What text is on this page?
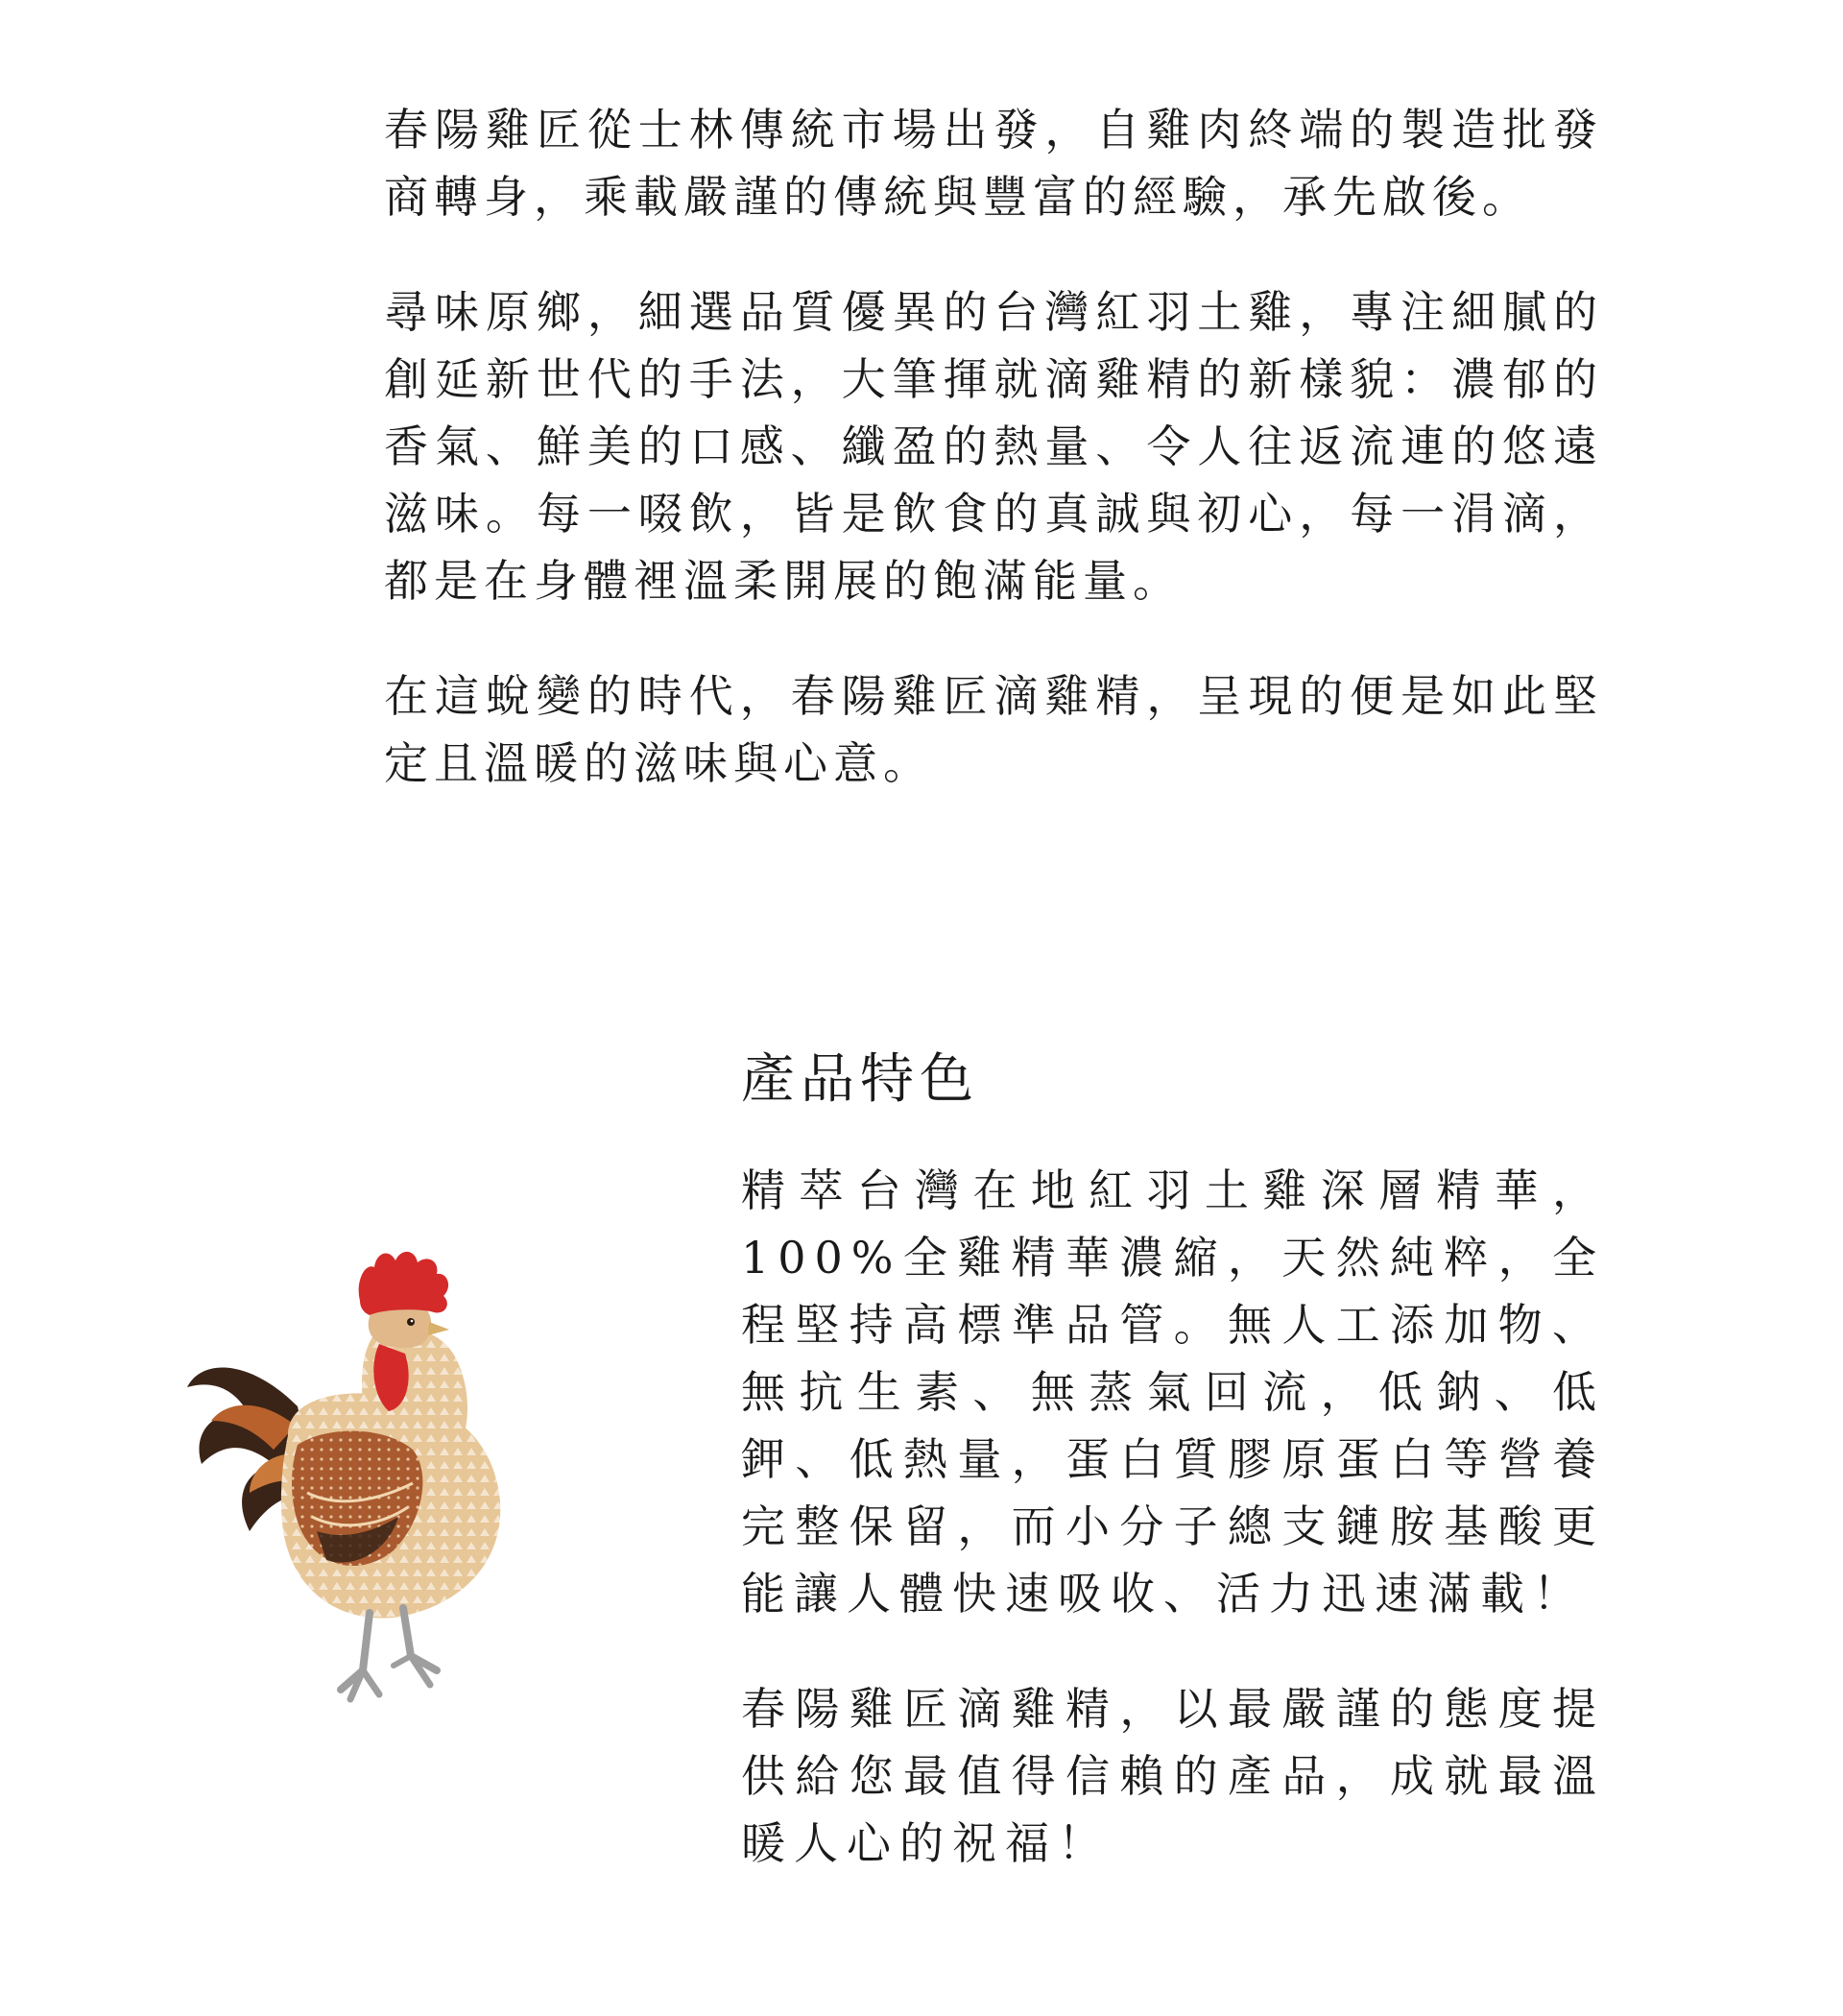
春陽雞匠從士林傳統市場出發，自雞肉終端的製造批發商轉身，乘載嚴謹的傳統與豐富的經驗，承先啟後。

尋味原鄉，細選品質優異的台灣紅羽土雞，專注細膩的創延新世代的手法，大筆揮就滴雞精的新樣貌：濃郁的香氣、鮮美的口感、纖盈的熱量、令人往返流連的悠遠滋味。每一啜飲，皆是飲食的真誠與初心，每一涓滴，都是在身體裡溫柔開展的飽滿能量。

在這蛻變的時代，春陽雞匠滴雞精，呈現的便是如此堅定且溫暖的滋味與心意。

產品特色

精萃台灣在地紅羽土雞深層精華，100%全雞精華濃縮，天然純粹，全程堅持高標準品管。無人工添加物、無抗生素、無蒸氣回流，低鈉、低鉀、低熱量，蛋白質膠原蛋白等營養完整保留，而小分子總支鏈胺基酸更能讓人體快速吸收、活力迅速滿載！

春陽雞匠滴雞精，以最嚴謹的態度提供給您最值得信賴的產品，成就最溫暖人心的祝福！
